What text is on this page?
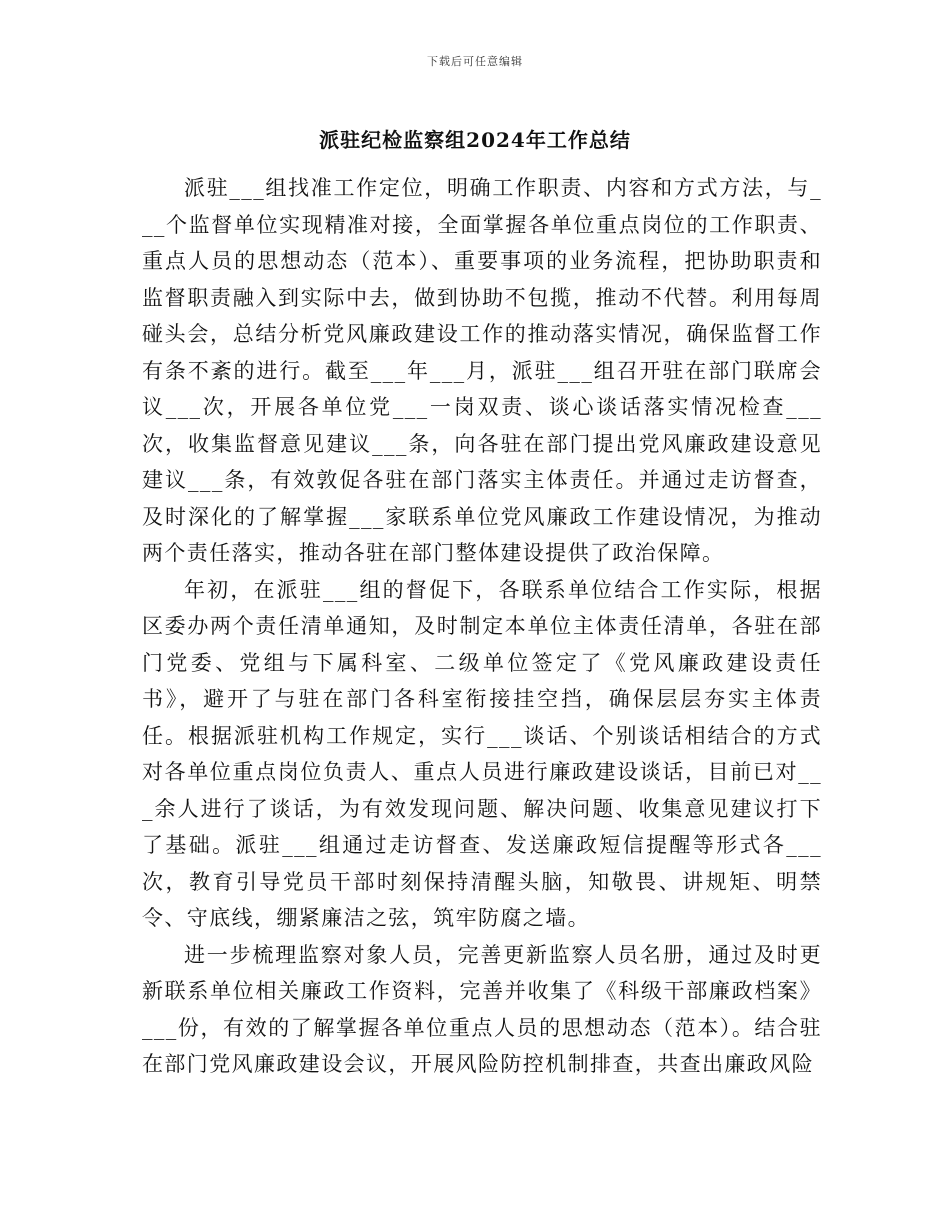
下载后可任意编辑
派驻纪检监察组2024年工作总结

派驻___组找准工作定位，明确工作职责、内容和方式方法，与___个监督单位实现精准对接，全面掌握各单位重点岗位的工作职责、重点人员的思想动态（范本）、重要事项的业务流程，把协助职责和监督职责融入到实际中去，做到协助不包揽，推动不代替。利用每周碰头会，总结分析党风廉政建设工作的推动落实情况，确保监督工作有条不紊的进行。截至___年___月，派驻___组召开驻在部门联席会议___次，开展各单位党___一岗双责、谈心谈话落实情况检查___次，收集监督意见建议___条，向各驻在部门提出党风廉政建设意见建议___条，有效敦促各驻在部门落实主体责任。并通过走访督查，及时深化的了解掌握___家联系单位党风廉政工作建设情况，为推动两个责任落实，推动各驻在部门整体建设提供了政治保障。

年初，在派驻___组的督促下，各联系单位结合工作实际，根据区委办两个责任清单通知，及时制定本单位主体责任清单，各驻在部门党委、党组与下属科室、二级单位签定了《党风廉政建设责任书》，避开了与驻在部门各科室衔接挂空挡，确保层层夯实主体责任。根据派驻机构工作规定，实行___谈话、个别谈话相结合的方式对各单位重点岗位负责人、重点人员进行廉政建设谈话，目前已对___余人进行了谈话，为有效发现问题、解决问题、收集意见建议打下了基础。派驻___组通过走访督查、发送廉政短信提醒等形式各___次，教育引导党员干部时刻保持清醒头脑，知敬畏、讲规矩、明禁令、守底线，绷紧廉洁之弦，筑牢防腐之墙。

进一步梳理监察对象人员，完善更新监察人员名册，通过及时更新联系单位相关廉政工作资料，完善并收集了《科级干部廉政档案》___份，有效的了解掌握各单位重点人员的思想动态（范本）。结合驻在部门党风廉政建设会议，开展风险防控机制排查，共查出廉政风险
